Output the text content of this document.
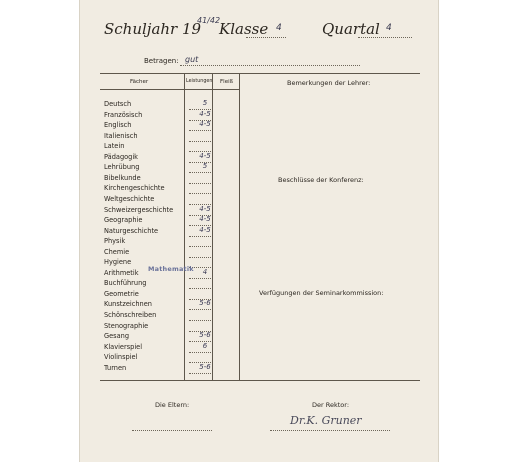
Schuljahr 19
41/42
Klasse 4	Quartal 4
Betragen: gut
Fächer	Leistungen Fleiß
Deutsch	5
Französisch	4-5
Englisch	4-5
Italienisch
Latein
Pädagogik	4-5
Lehrübung	5
Bibelkunde
Kirchengeschichte
Weltgeschichte
Schweizergeschichte	4-5
Geographie	4-5
Naturgeschichte	4-5
Physik
Chemie
Hygiene
Arithmetik	4
Buchführung
Geometrie
Kunstzeichnen	5-6
Schönschreiben
Stenographie
Gesang	5-6
Klavierspiel	6
Violinspiel
Turnen	5-6
Mathematik
Bemerkungen der Lehrer:
Beschlüsse der Konferenz:
Verfügungen der Seminarkommission:
Die Eltern:	Der Rektor:
Dr.K. Gruner
